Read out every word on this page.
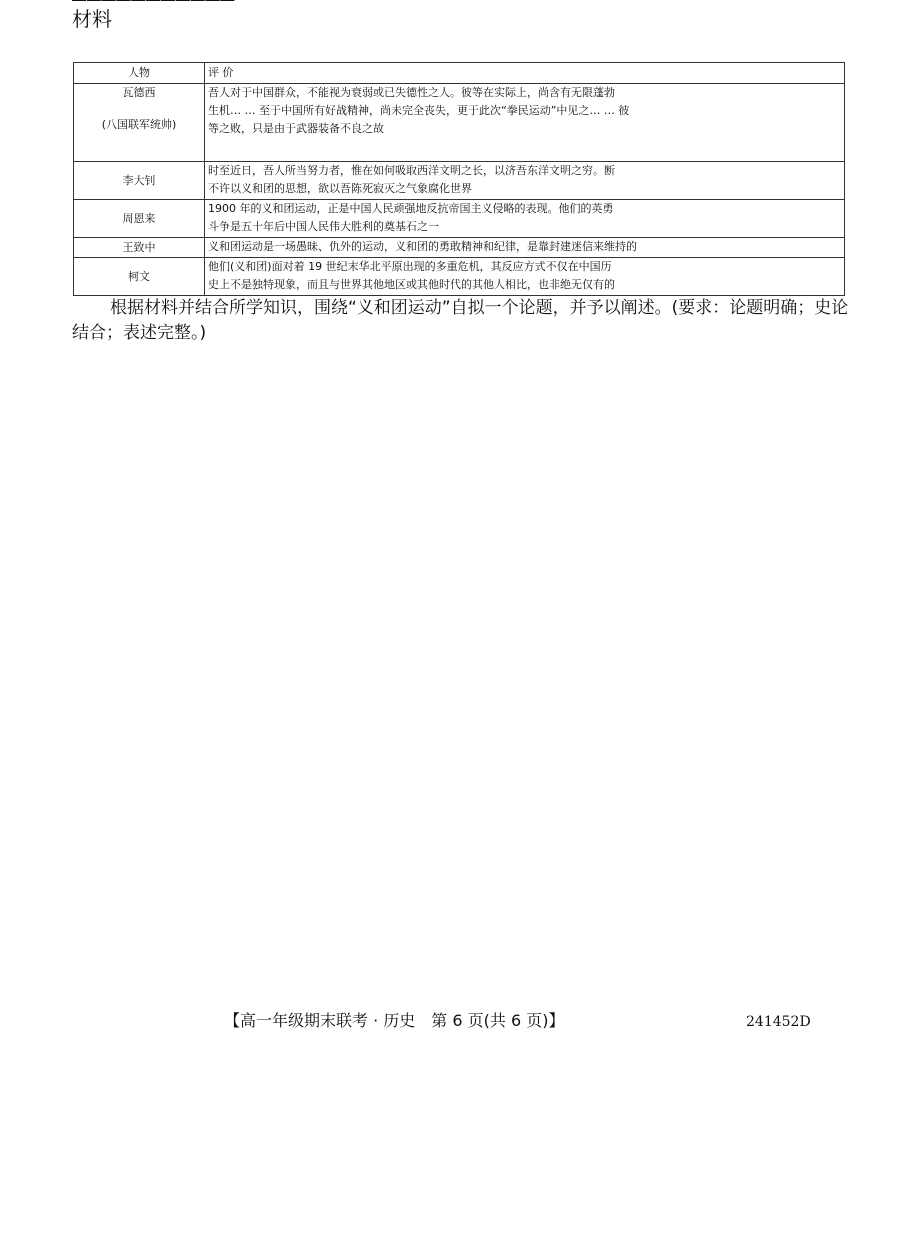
材料
人物	评 价

瓦德西
(八国联军统帅)	吾人对于中国群众，不能视为衰弱或已失德性之人。彼等在实际上，尚含有无限蓬勃
生机… … 至于中国所有好战精神，尚未完全丧失，更于此次“拳民运动”中见之… … 彼
等之败，只是由于武器装备不良之故

李大钊	时至近日，吾人所当努力者，惟在如何吸取西洋文明之长，以济吾东洋文明之穷。断
不许以义和团的思想，欲以吾陈死寂灭之气象腐化世界

周恩来	1900 年的义和团运动，正是中国人民顽强地反抗帝国主义侵略的表现。他们的英勇
斗争是五十年后中国人民伟大胜利的奠基石之一

王致中	义和团运动是一场愚昧、仇外的运动，义和团的勇敢精神和纪律，是靠封建迷信来维持的

柯文	他们(义和团)面对着 19 世纪末华北平原出现的多重危机，其反应方式不仅在中国历
史上不是独特现象，而且与世界其他地区或其他时代的其他人相比，也非绝无仅有的
根据材料并结合所学知识，围绕“义和团运动”自拟一个论题，并予以阐述。(要求：论题明确；史论结合；表述完整。)
【高一年级期末联考 · 历史　第 6 页(共 6 页)】	241452D
